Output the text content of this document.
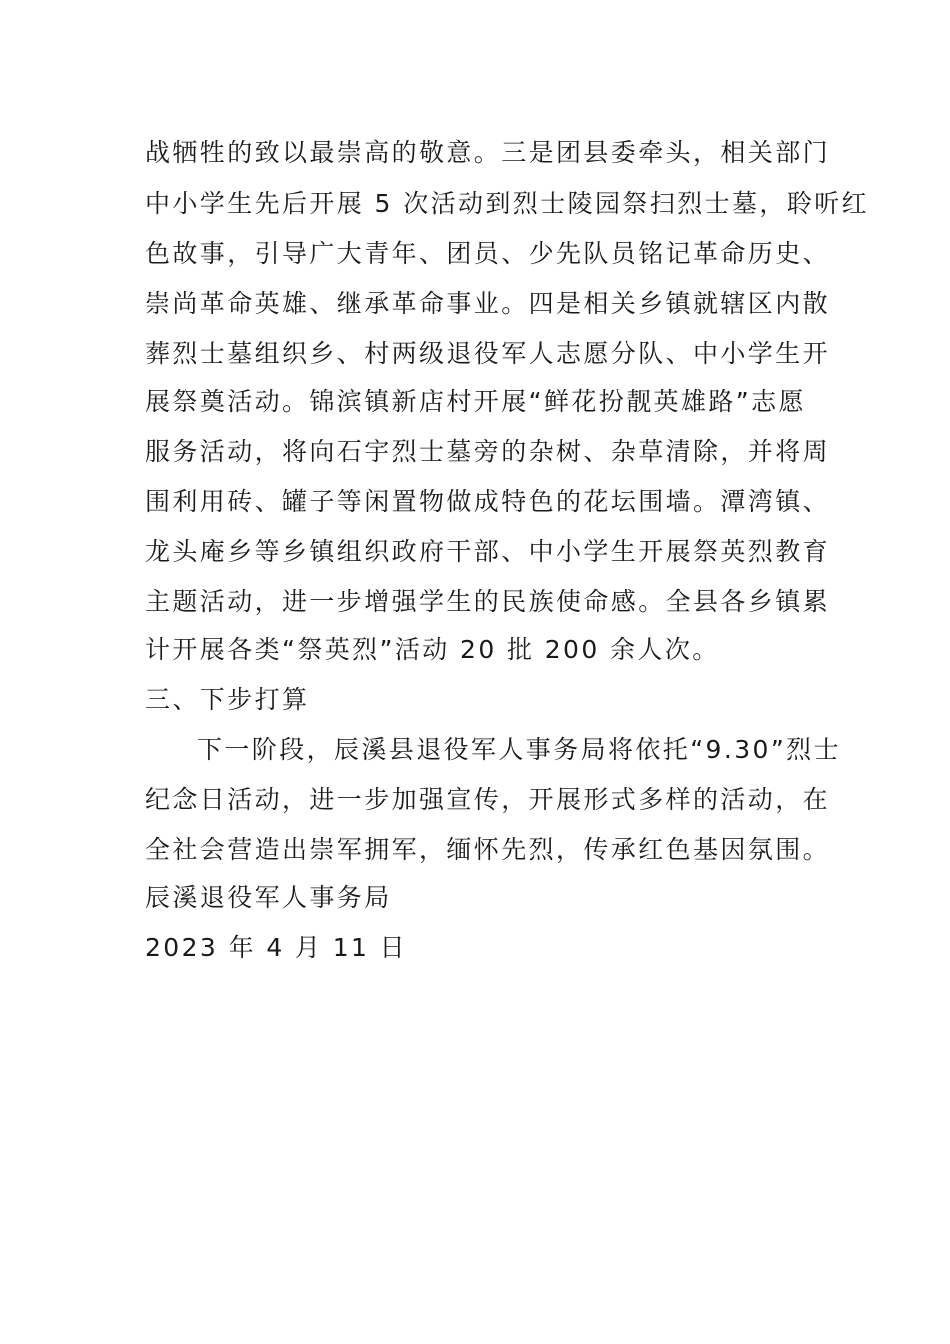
战牺牲的致以最崇高的敬意。三是团县委牵头，相关部门
中小学生先后开展 5 次活动到烈士陵园祭扫烈士墓，聆听红
色故事，引导广大青年、团员、少先队员铭记革命历史、
崇尚革命英雄、继承革命事业。四是相关乡镇就辖区内散
葬烈士墓组织乡、村两级退役军人志愿分队、中小学生开
展祭奠活动。锦滨镇新店村开展“鲜花扮靓英雄路”志愿
服务活动，将向石宇烈士墓旁的杂树、杂草清除，并将周
围利用砖、罐子等闲置物做成特色的花坛围墙。潭湾镇、
龙头庵乡等乡镇组织政府干部、中小学生开展祭英烈教育
主题活动，进一步增强学生的民族使命感。全县各乡镇累
计开展各类“祭英烈”活动 20 批 200 余人次。
三、下步打算
下一阶段，辰溪县退役军人事务局将依托“9.30”烈士
纪念日活动，进一步加强宣传，开展形式多样的活动，在
全社会营造出崇军拥军，缅怀先烈，传承红色基因氛围。
辰溪退役军人事务局
2023 年 4 月 11 日
